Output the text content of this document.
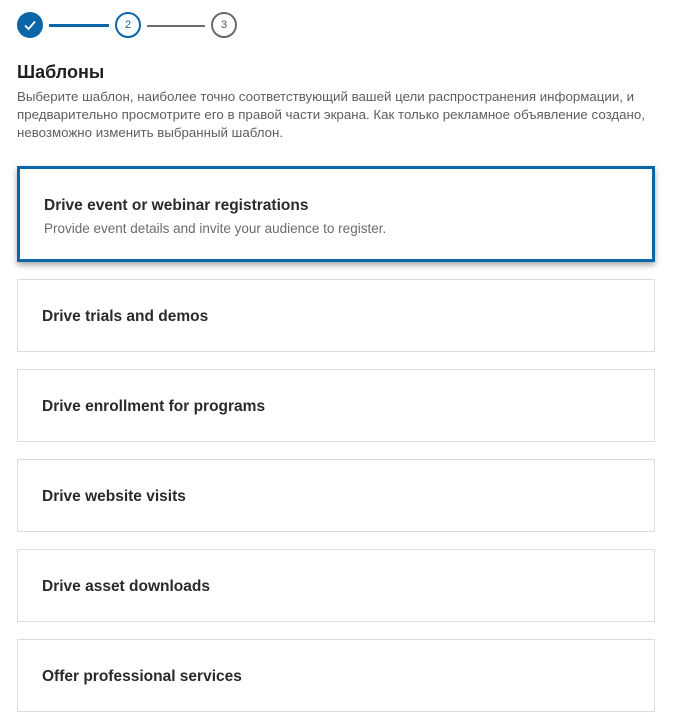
2	3
Шаблоны
Выберите шаблон, наиболее точно соответствующий вашей цели распространения информации, и предварительно просмотрите его в правой части экрана. Как только рекламное объявление создано, невозможно изменить выбранный шаблон.
Drive event or webinar registrations
Provide event details and invite your audience to register.
Drive trials and demos
Drive enrollment for programs
Drive website visits
Drive asset downloads
Offer professional services
